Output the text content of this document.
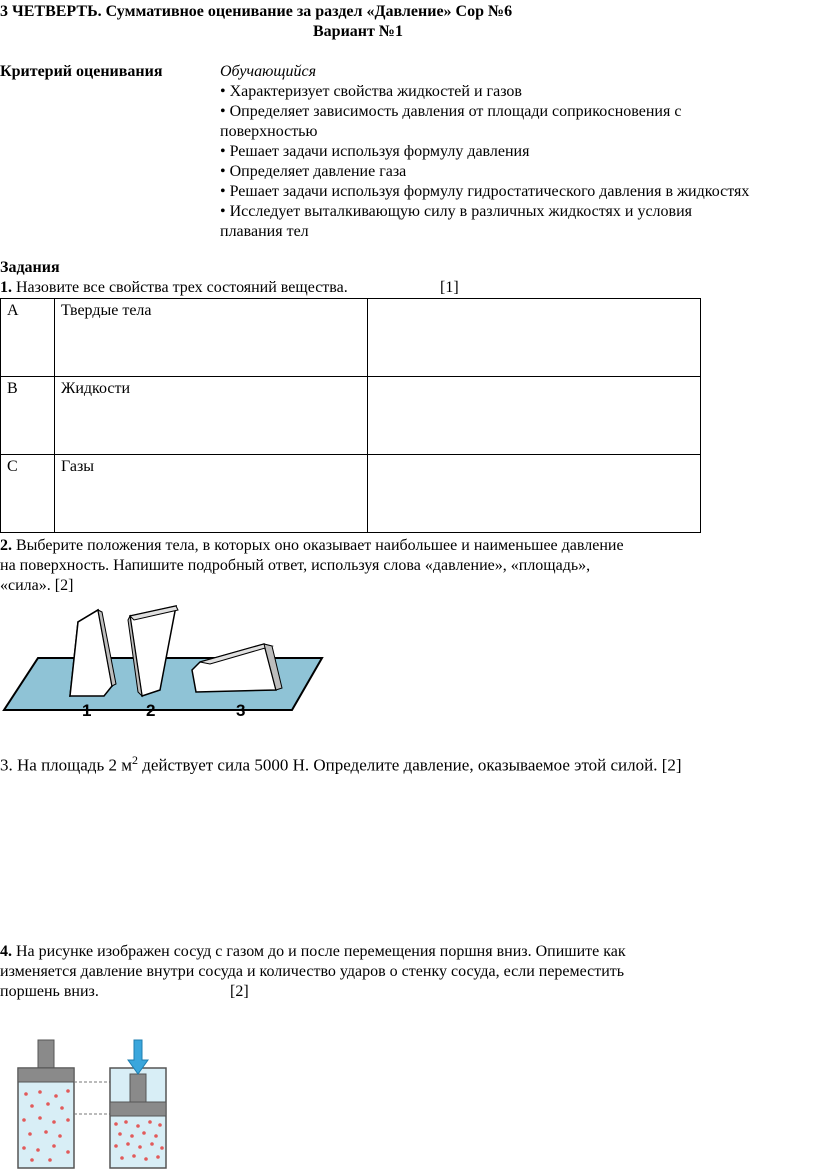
3 ЧЕТВЕРТЬ. Суммативное оценивание за раздел «Давление» Сор №6
Вариант №1
Критерий оценивания	Обучающийся
• Характеризует свойства жидкостей и газов
• Определяет зависимость давления от площади соприкосновения с
поверхностью
• Решает задачи используя формулу давления
• Определяет давление газа
• Решает задачи используя формулу гидростатического давления в жидкостях
• Исследует выталкивающую силу в различных жидкостях и условия
плавания тел
Задания
1. Назовите все свойства трех состояний вещества.	[1]
A	Твердые тела	
B	Жидкости	
C	Газы	
2. Выберите положения тела, в которых оно оказывает наибольшее и наименьшее давление
на поверхность. Напишите подробный ответ, используя слова «давление», «площадь»,
«сила». [2]
1	2	3
3. На площадь 2 $м^2$ действует сила 5000 Н. Определите давление, оказываемое этой силой. [2]
4. На рисунке изображен сосуд с газом до и после перемещения поршня вниз. Опишите как
изменяется давление внутри сосуда и количество ударов о стенку сосуда, если переместить
поршень вниз.	[2]
